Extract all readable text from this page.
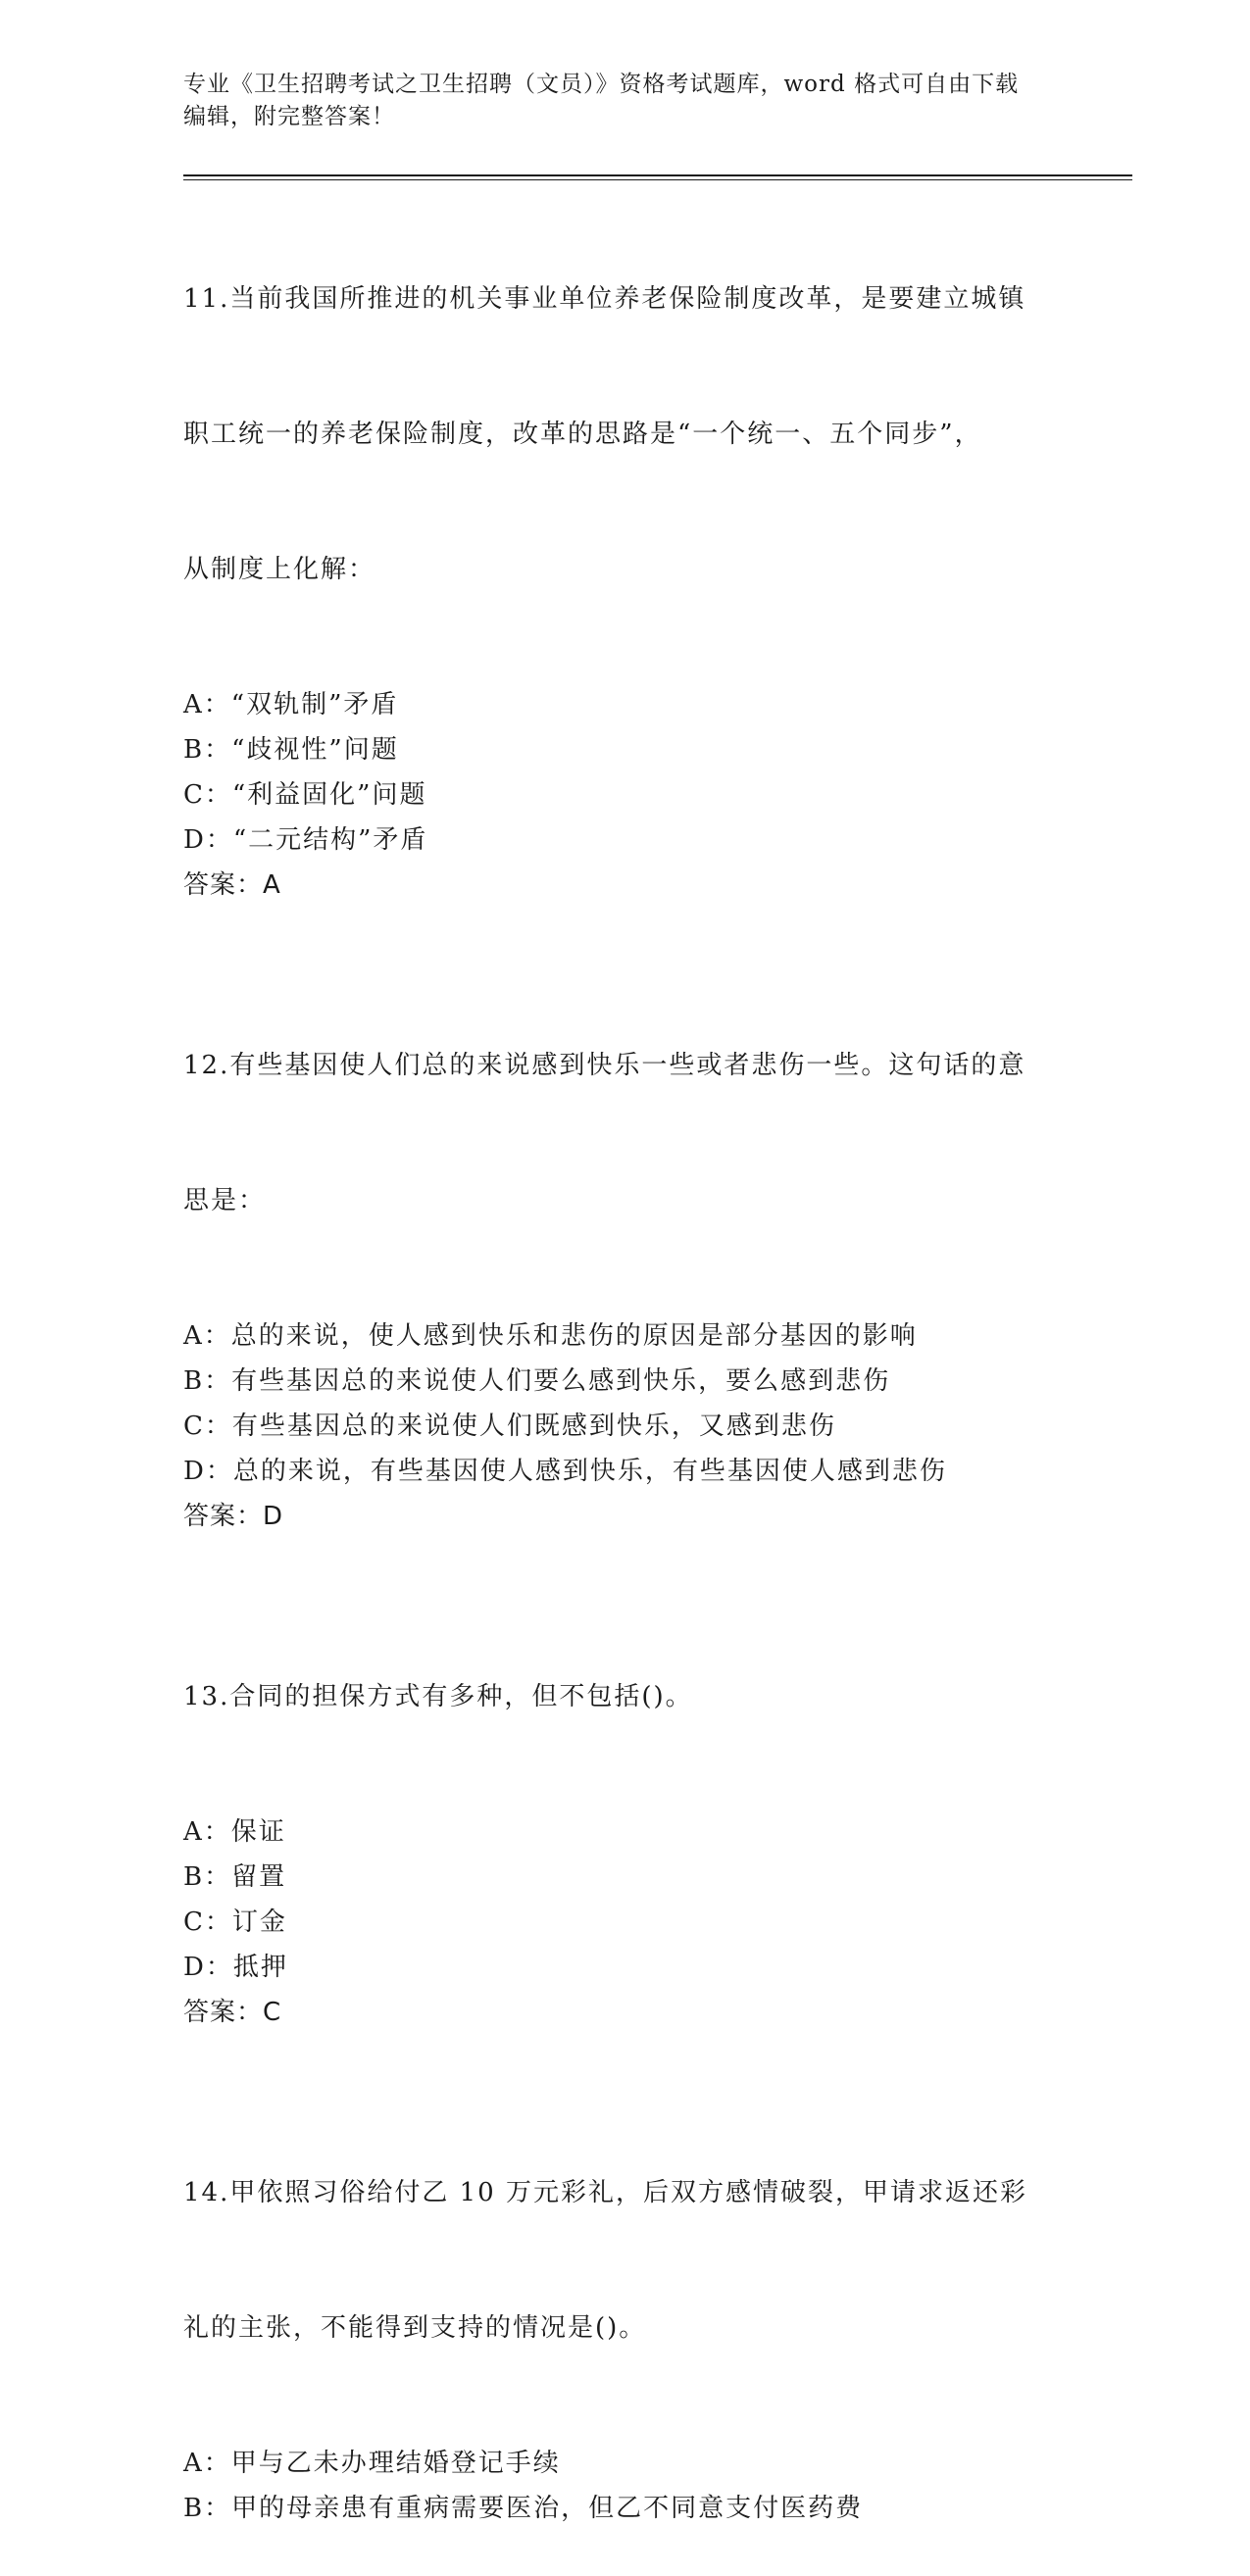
专业《卫生招聘考试之卫生招聘（文员）》资格考试题库，word 格式可自由下载
编辑，附完整答案！

11.当前我国所推进的机关事业单位养老保险制度改革，是要建立城镇

职工统一的养老保险制度，改革的思路是“一个统一、五个同步”，

从制度上化解：

A：“双轨制”矛盾
B：“歧视性”问题
C：“利益固化”问题
D：“二元结构”矛盾
答案：A

12.有些基因使人们总的来说感到快乐一些或者悲伤一些。这句话的意

思是：

A：总的来说，使人感到快乐和悲伤的原因是部分基因的影响
B：有些基因总的来说使人们要么感到快乐，要么感到悲伤
C：有些基因总的来说使人们既感到快乐，又感到悲伤
D：总的来说，有些基因使人感到快乐，有些基因使人感到悲伤
答案：D

13.合同的担保方式有多种，但不包括()。

A：保证
B：留置
C：订金
D：抵押
答案：C

14.甲依照习俗给付乙 10 万元彩礼，后双方感情破裂，甲请求返还彩

礼的主张，不能得到支持的情况是()。

A：甲与乙未办理结婚登记手续
B：甲的母亲患有重病需要医治，但乙不同意支付医药费
